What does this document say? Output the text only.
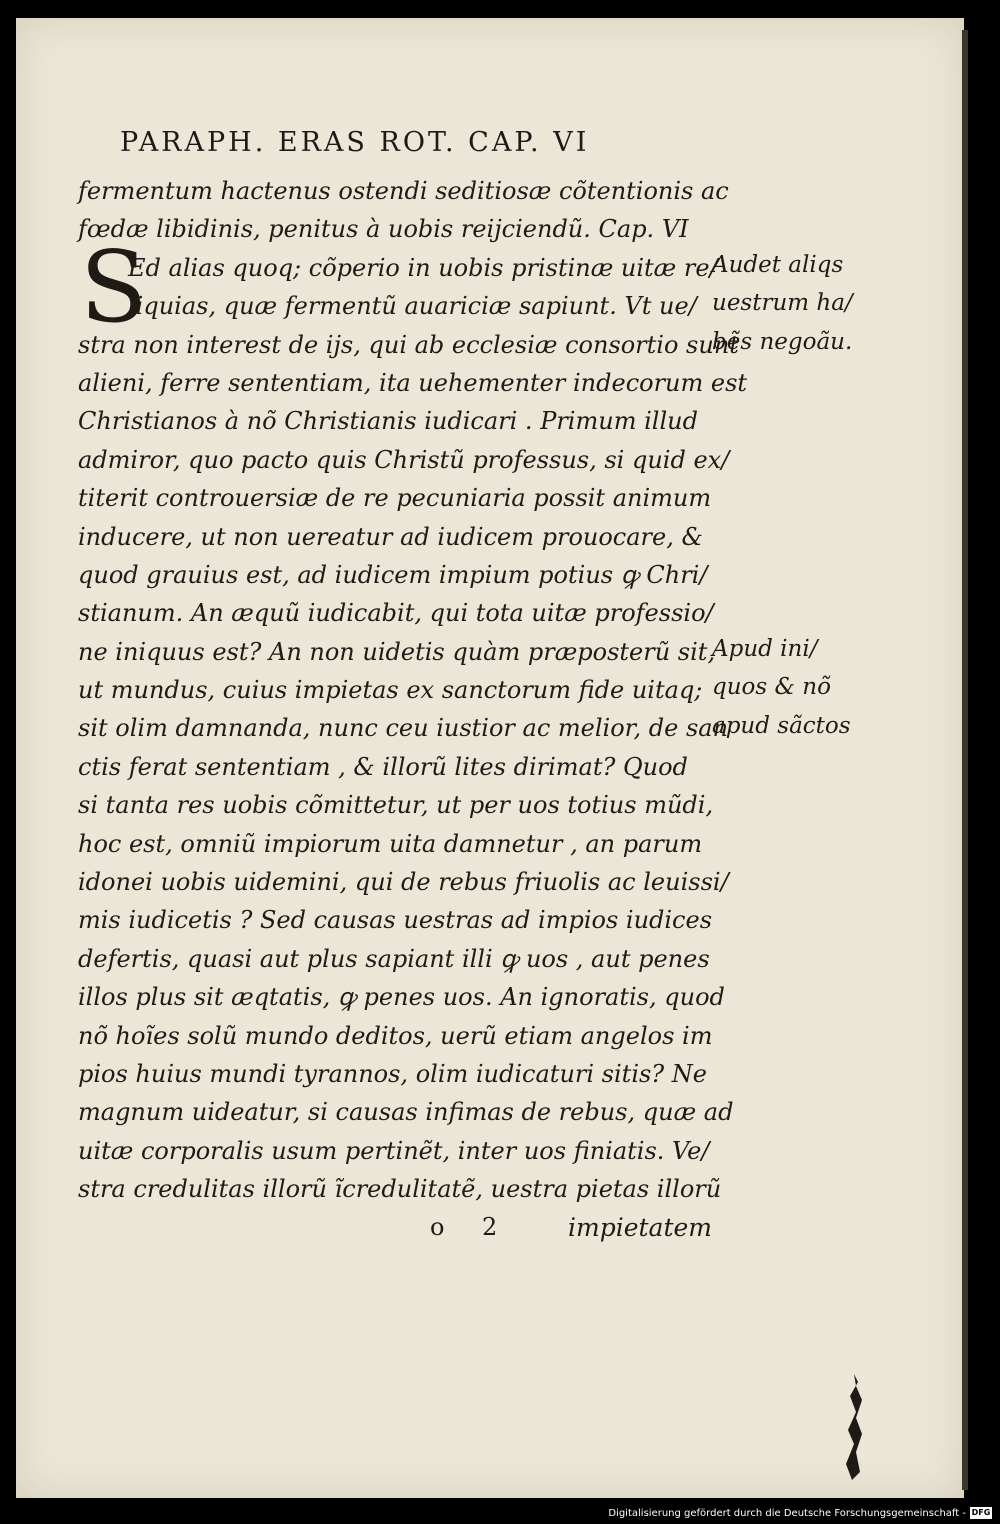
PARAPH. ERAS ROT. CAP. VI
S
fermentum hactenus ostendi seditiosæ cõtentionis ac
fœdæ libidinis, penitus à uobis reijciendũ. Cap. VI
Ed alias quoq; cõperio in uobis pristinæ uitæ re/
liquias, quæ fermentũ auariciæ sapiunt. Vt ue/
stra non interest de ijs, qui ab ecclesiæ consortio sunt
alieni, ferre sententiam, ita uehementer indecorum est
Christianos à nõ Christianis iudicari . Primum illud
admiror, quo pacto quis Christũ professus, si quid ex/
titerit controuersiæ de re pecuniaria possit animum
inducere, ut non uereatur ad iudicem prouocare, &
quod grauius est, ad iudicem impium potius ꝙ Chri/
stianum. An æquũ iudicabit, qui tota uitæ professio/
ne iniquus est? An non uidetis quàm præposterũ sit,
ut mundus, cuius impietas ex sanctorum fide uitaq;
sit olim damnanda, nunc ceu iustior ac melior, de san
ctis ferat sententiam , & illorũ lites dirimat? Quod
si tanta res uobis cõmittetur, ut per uos totius mũdi,
hoc est, omniũ impiorum uita damnetur , an parum
idonei uobis uidemini, qui de rebus friuolis ac leuissi/
mis iudicetis ? Sed causas uestras ad impios iudices
defertis, quasi aut plus sapiant illi ꝙ uos , aut penes
illos plus sit æqtatis, ꝙ penes uos. An ignoratis, quod
nõ hoĩes solũ mundo deditos, uerũ etiam angelos im
pios huius mundi tyrannos, olim iudicaturi sitis? Ne
magnum uideatur, si causas infimas de rebus, quæ ad
uitæ corporalis usum pertinẽt, inter uos finiatis. Ve/
stra credulitas illorũ ĩcredulitatẽ, uestra pietas illorũ
Audet aliqs
uestrum ha/
bẽs negoãu.
Apud ini/
quos & nõ
apud sãctos
o 2	impietatem
Digitalisierung gefördert durch die Deutsche Forschungsgemeinschaft - DFG
